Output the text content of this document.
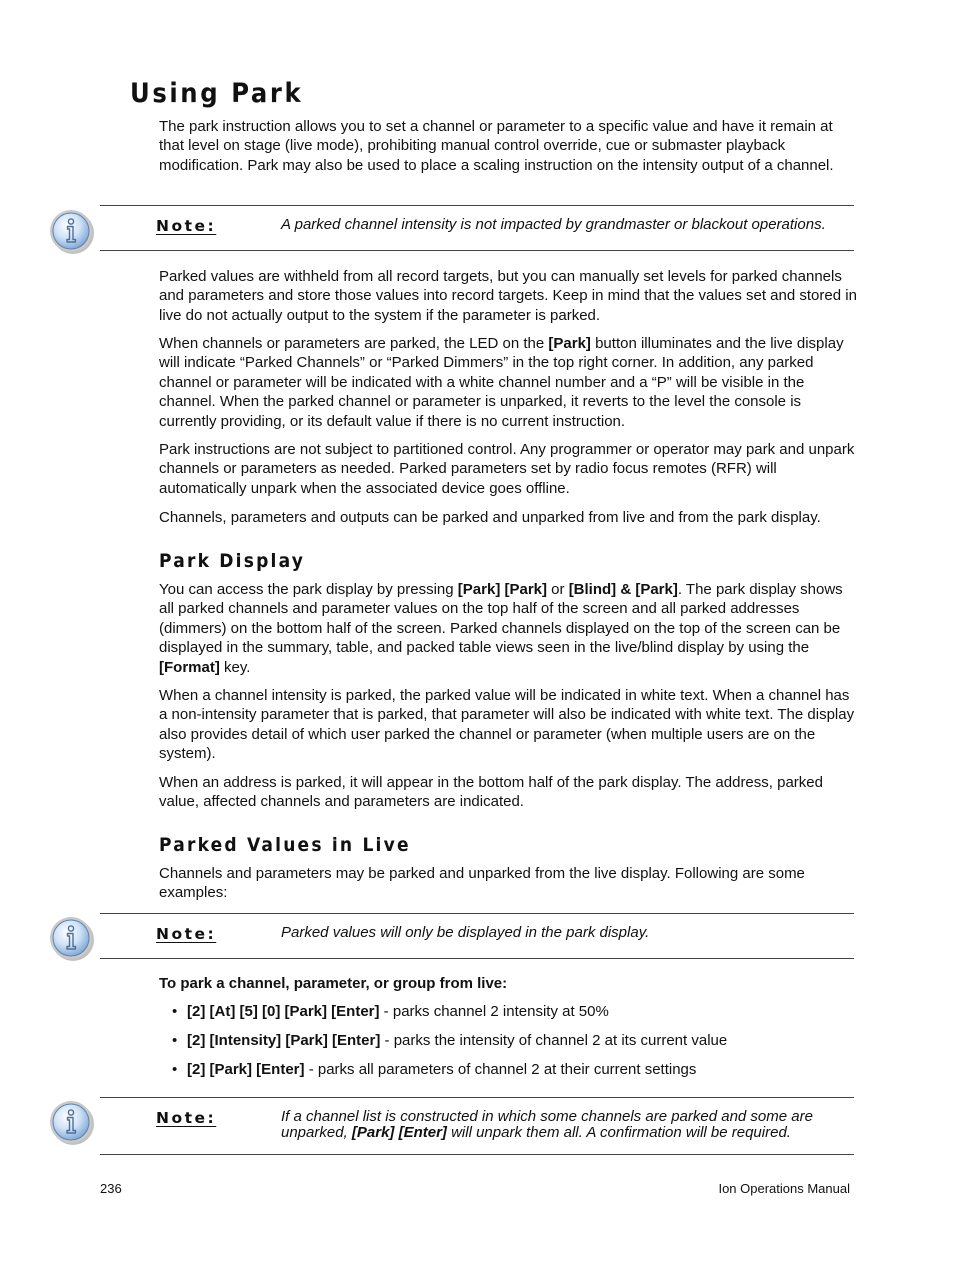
Using Park

The park instruction allows you to set a channel or parameter to a specific value and have it remain at that level on stage (live mode), prohibiting manual control override, cue or submaster playback modification. Park may also be used to place a scaling instruction on the intensity output of a channel.

Note:	A parked channel intensity is not impacted by grandmaster or blackout operations.

Parked values are withheld from all record targets, but you can manually set levels for parked channels and parameters and store those values into record targets. Keep in mind that the values set and stored in live do not actually output to the system if the parameter is parked.

When channels or parameters are parked, the LED on the [Park] button illuminates and the live display will indicate “Parked Channels” or “Parked Dimmers” in the top right corner. In addition, any parked channel or parameter will be indicated with a white channel number and a “P” will be visible in the channel. When the parked channel or parameter is unparked, it reverts to the level the console is currently providing, or its default value if there is no current instruction.

Park instructions are not subject to partitioned control. Any programmer or operator may park and unpark channels or parameters as needed. Parked parameters set by radio focus remotes (RFR) will automatically unpark when the associated device goes offline.

Channels, parameters and outputs can be parked and unparked from live and from the park display.

Park Display

You can access the park display by pressing [Park] [Park] or [Blind] & [Park]. The park display shows all parked channels and parameter values on the top half of the screen and all parked addresses (dimmers) on the bottom half of the screen. Parked channels displayed on the top of the screen can be displayed in the summary, table, and packed table views seen in the live/blind display by using the [Format] key.

When a channel intensity is parked, the parked value will be indicated in white text. When a channel has a non-intensity parameter that is parked, that parameter will also be indicated with white text. The display also provides detail of which user parked the channel or parameter (when multiple users are on the system).

When an address is parked, it will appear in the bottom half of the park display. The address, parked value, affected channels and parameters are indicated.

Parked Values in Live

Channels and parameters may be parked and unparked from the live display. Following are some examples:

Note:	Parked values will only be displayed in the park display.

To park a channel, parameter, or group from live:

• [2] [At] [5] [0] [Park] [Enter] - parks channel 2 intensity at 50%
• [2] [Intensity] [Park] [Enter] - parks the intensity of channel 2 at its current value
• [2] [Park] [Enter] - parks all parameters of channel 2 at their current settings
Note:	If a channel list is constructed in which some channels are parked and some are unparked, [Park] [Enter] will unpark them all. A confirmation will be required.
236	Ion Operations Manual
